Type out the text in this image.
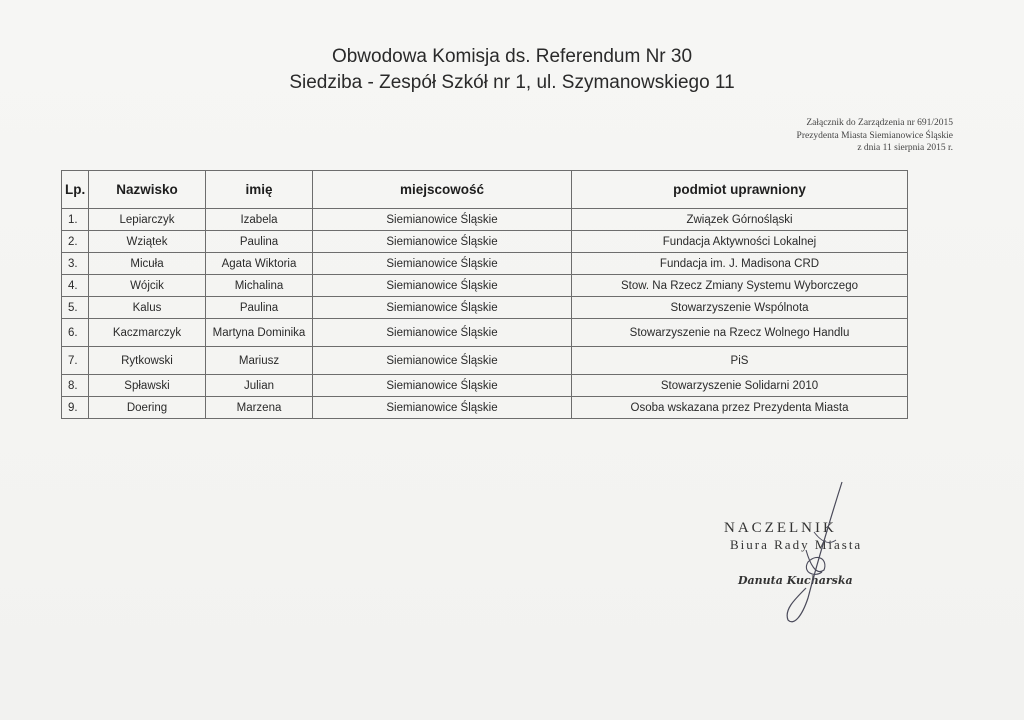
Obwodowa Komisja ds. Referendum Nr 30
Siedziba - Zespół Szkół nr 1, ul. Szymanowskiego 11
Załącznik do Zarządzenia nr 691/2015
Prezydenta Miasta Siemianowice Śląskie
z dnia 11 sierpnia 2015 r.
Lp.	Nazwisko	imię	miejscowość	podmiot uprawniony
1.	Lepiarczyk	Izabela	Siemianowice Śląskie	Związek Górnośląski
2.	Wziątek	Paulina	Siemianowice Śląskie	Fundacja Aktywności Lokalnej
3.	Micuła	Agata Wiktoria	Siemianowice Śląskie	Fundacja im. J. Madisona CRD
4.	Wójcik	Michalina	Siemianowice Śląskie	Stow. Na Rzecz Zmiany Systemu Wyborczego
5.	Kalus	Paulina	Siemianowice Śląskie	Stowarzyszenie Wspólnota
6.	Kaczmarczyk	Martyna Dominika	Siemianowice Śląskie	Stowarzyszenie na Rzecz Wolnego Handlu
7.	Rytkowski	Mariusz	Siemianowice Śląskie	PiS
8.	Spławski	Julian	Siemianowice Śląskie	Stowarzyszenie Solidarni 2010
9.	Doering	Marzena	Siemianowice Śląskie	Osoba wskazana przez Prezydenta Miasta
NACZELNIK
Biura Rady Miasta
Danuta Kucharska
